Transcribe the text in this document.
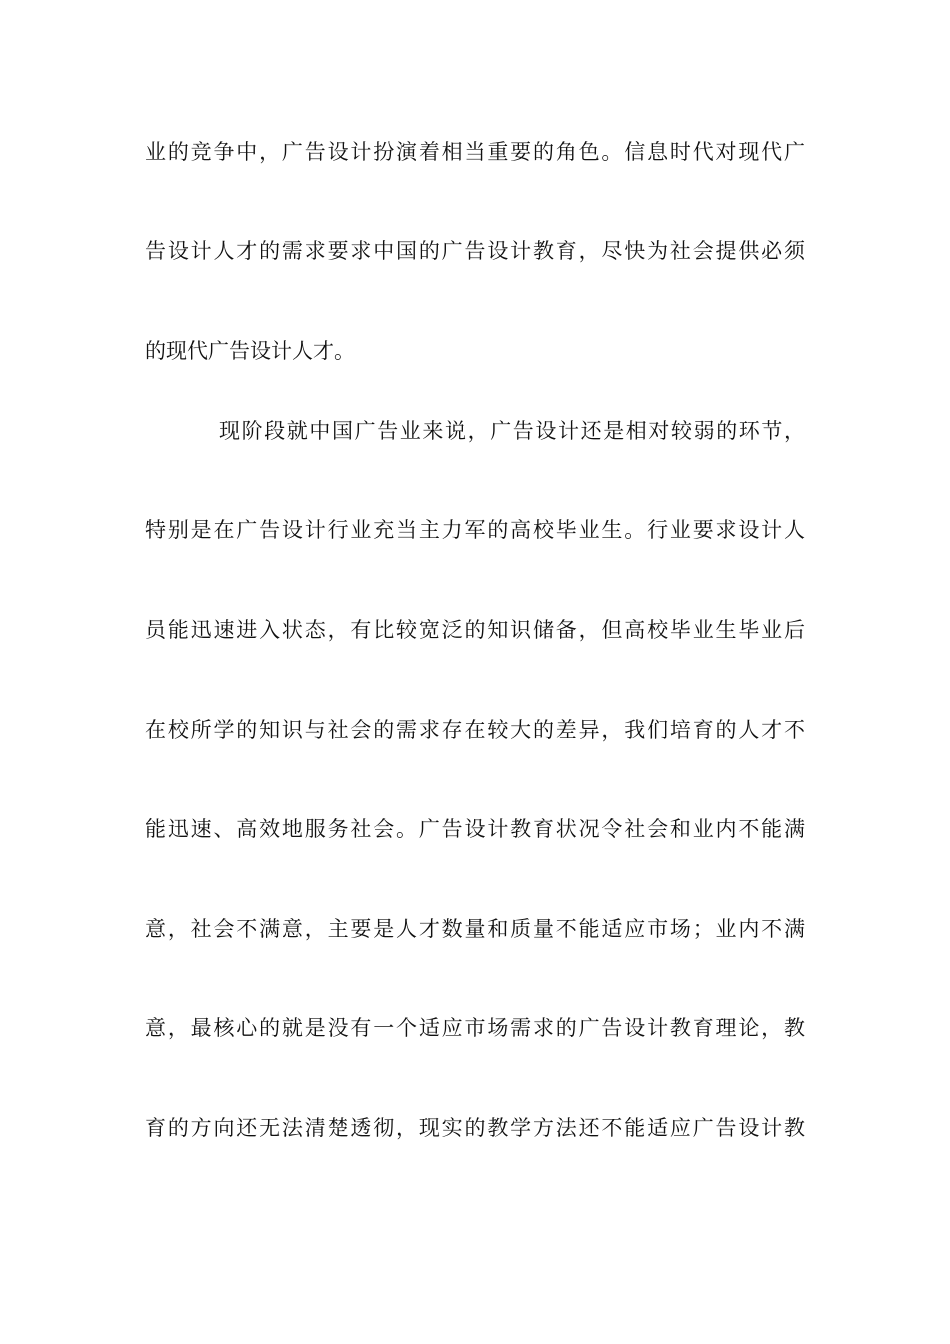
业的竞争中，广告设计扮演着相当重要的角色。信息时代对现代广
告设计人才的需求要求中国的广告设计教育，尽快为社会提供必须
的现代广告设计人才。
现阶段就中国广告业来说，广告设计还是相对较弱的环节，
特别是在广告设计行业充当主力军的高校毕业生。行业要求设计人
员能迅速进入状态，有比较宽泛的知识储备，但高校毕业生毕业后
在校所学的知识与社会的需求存在较大的差异，我们培育的人才不
能迅速、高效地服务社会。广告设计教育状况令社会和业内不能满
意，社会不满意，主要是人才数量和质量不能适应市场；业内不满
意，最核心的就是没有一个适应市场需求的广告设计教育理论，教
育的方向还无法清楚透彻，现实的教学方法还不能适应广告设计教
